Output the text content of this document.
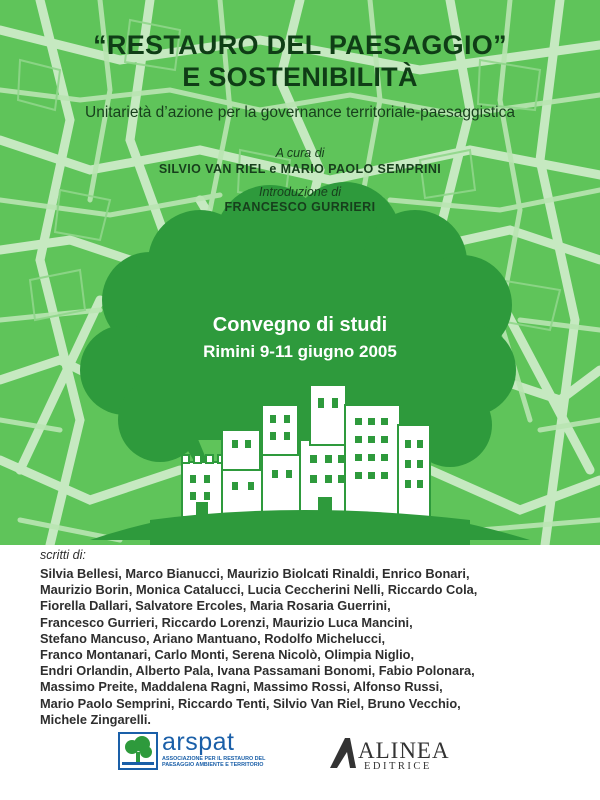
“RESTAURO DEL PAESAGGIO”
E SOSTENIBILITÀ
Unitarietà d’azione per la governance territoriale-paesaggistica
A cura di
SILVIO VAN RIEL e MARIO PAOLO SEMPRINI
Introduzione di
FRANCESCO GURRIERI
Convegno di studi
Rimini 9-11 giugno 2005
scritti di:
Silvia Bellesi, Marco Bianucci, Maurizio Biolcati Rinaldi, Enrico Bonari,
Maurizio Borin, Monica Catalucci, Lucia Ceccherini Nelli, Riccardo Cola,
Fiorella Dallari, Salvatore Ercoles, Maria Rosaria Guerrini,
Francesco Gurrieri, Riccardo Lorenzi, Maurizio Luca Mancini,
Stefano Mancuso, Ariano Mantuano, Rodolfo Michelucci,
Franco Montanari, Carlo Monti, Serena Nicolò, Olimpia Niglio,
Endri Orlandin, Alberto Pala, Ivana Passamani Bonomi, Fabio Polonara,
Massimo Preite, Maddalena Ragni, Massimo Rossi, Alfonso Russi,
Mario Paolo Semprini, Riccardo Tenti, Silvio Van Riel, Bruno Vecchio,
Michele Zingarelli.
arspat
ASSOCIAZIONE PER IL RESTAURO DEL
PAESAGGIO AMBIENTE E TERRITORIO
ALINEA
EDITRICE
